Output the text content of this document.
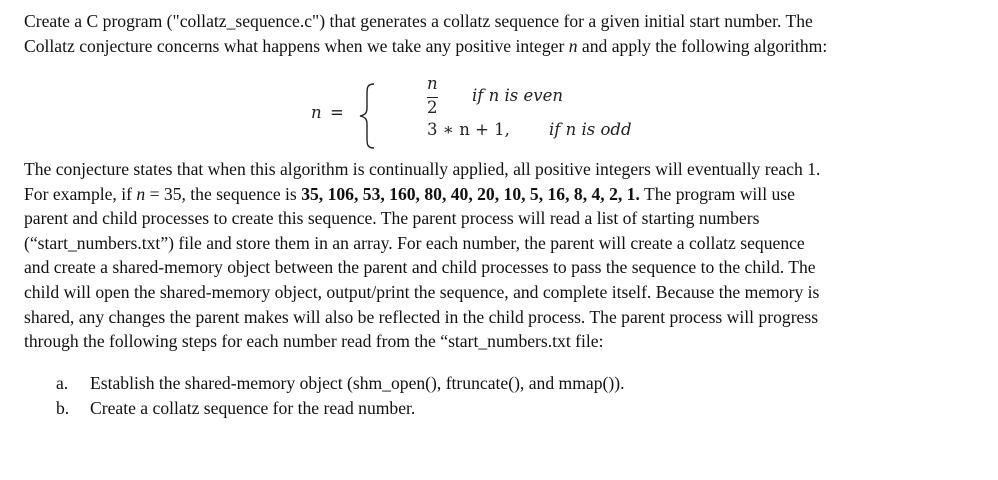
Create a C program ("collatz_sequence.c") that generates a collatz sequence for a given initial start number. The
Collatz conjecture concerns what happens when we take any positive integer n and apply the following algorithm:

n =
n
2
if n is even
3 ∗ n + 1, if n is odd

The conjecture states that when this algorithm is continually applied, all positive integers will eventually reach 1.
For example, if n = 35, the sequence is 35, 106, 53, 160, 80, 40, 20, 10, 5, 16, 8, 4, 2, 1. The program will use
parent and child processes to create this sequence. The parent process will read a list of starting numbers
(“start_numbers.txt”) file and store them in an array. For each number, the parent will create a collatz sequence
and create a shared-memory object between the parent and child processes to pass the sequence to the child. The
child will open the shared-memory object, output/print the sequence, and complete itself. Because the memory is
shared, any changes the parent makes will also be reflected in the child process. The parent process will progress
through the following steps for each number read from the “start_numbers.txt file:

a. Establish the shared-memory object (shm_open(), ftruncate(), and mmap()).
b. Create a collatz sequence for the read number.
